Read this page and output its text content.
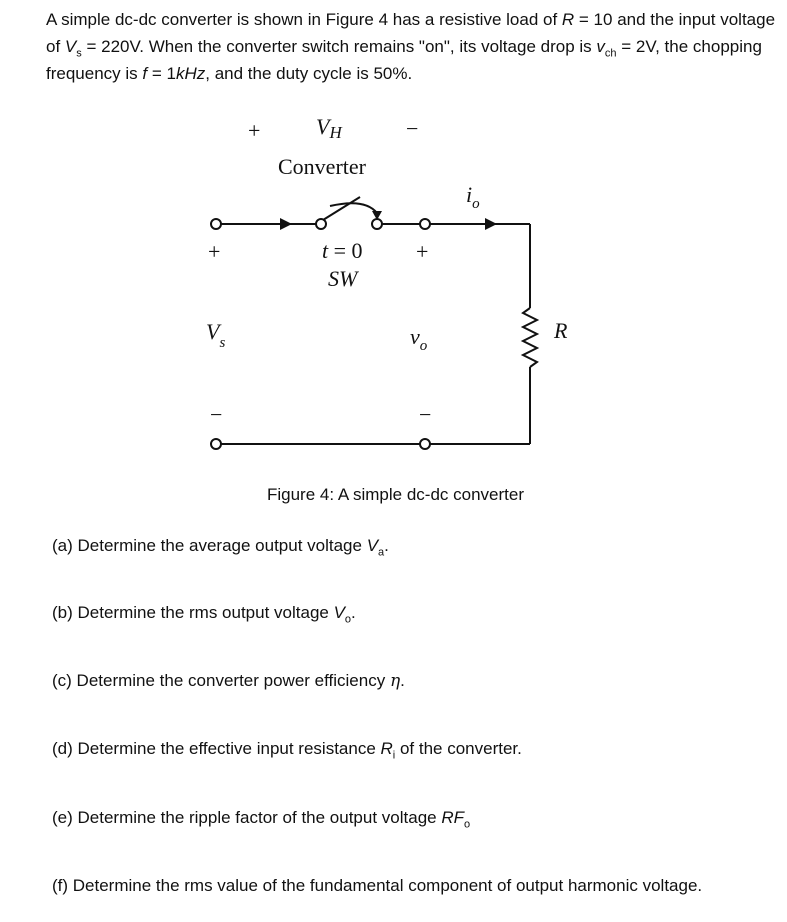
A simple dc-dc converter is shown in Figure 4 has a resistive load of R = 10 and the input voltage of $V_s = 220V$. When the converter switch remains "on", its voltage drop is $v_{ch} = 2V$, the chopping frequency is f = 1kHz, and the duty cycle is 50%.
+	VH	−
Converter
$i_o$
+	t = 0 +
SW
$V_s$	$v_o$
R
−	−
Figure 4: A simple dc-dc converter
(a) Determine the average output voltage $V_a$.
(b) Determine the rms output voltage $V_o$.
(c) Determine the converter power efficiency η.
(d) Determine the effective input resistance $R_i$ of the converter.
(e) Determine the ripple factor of the output voltage $RF_o$
(f) Determine the rms value of the fundamental component of output harmonic voltage.
